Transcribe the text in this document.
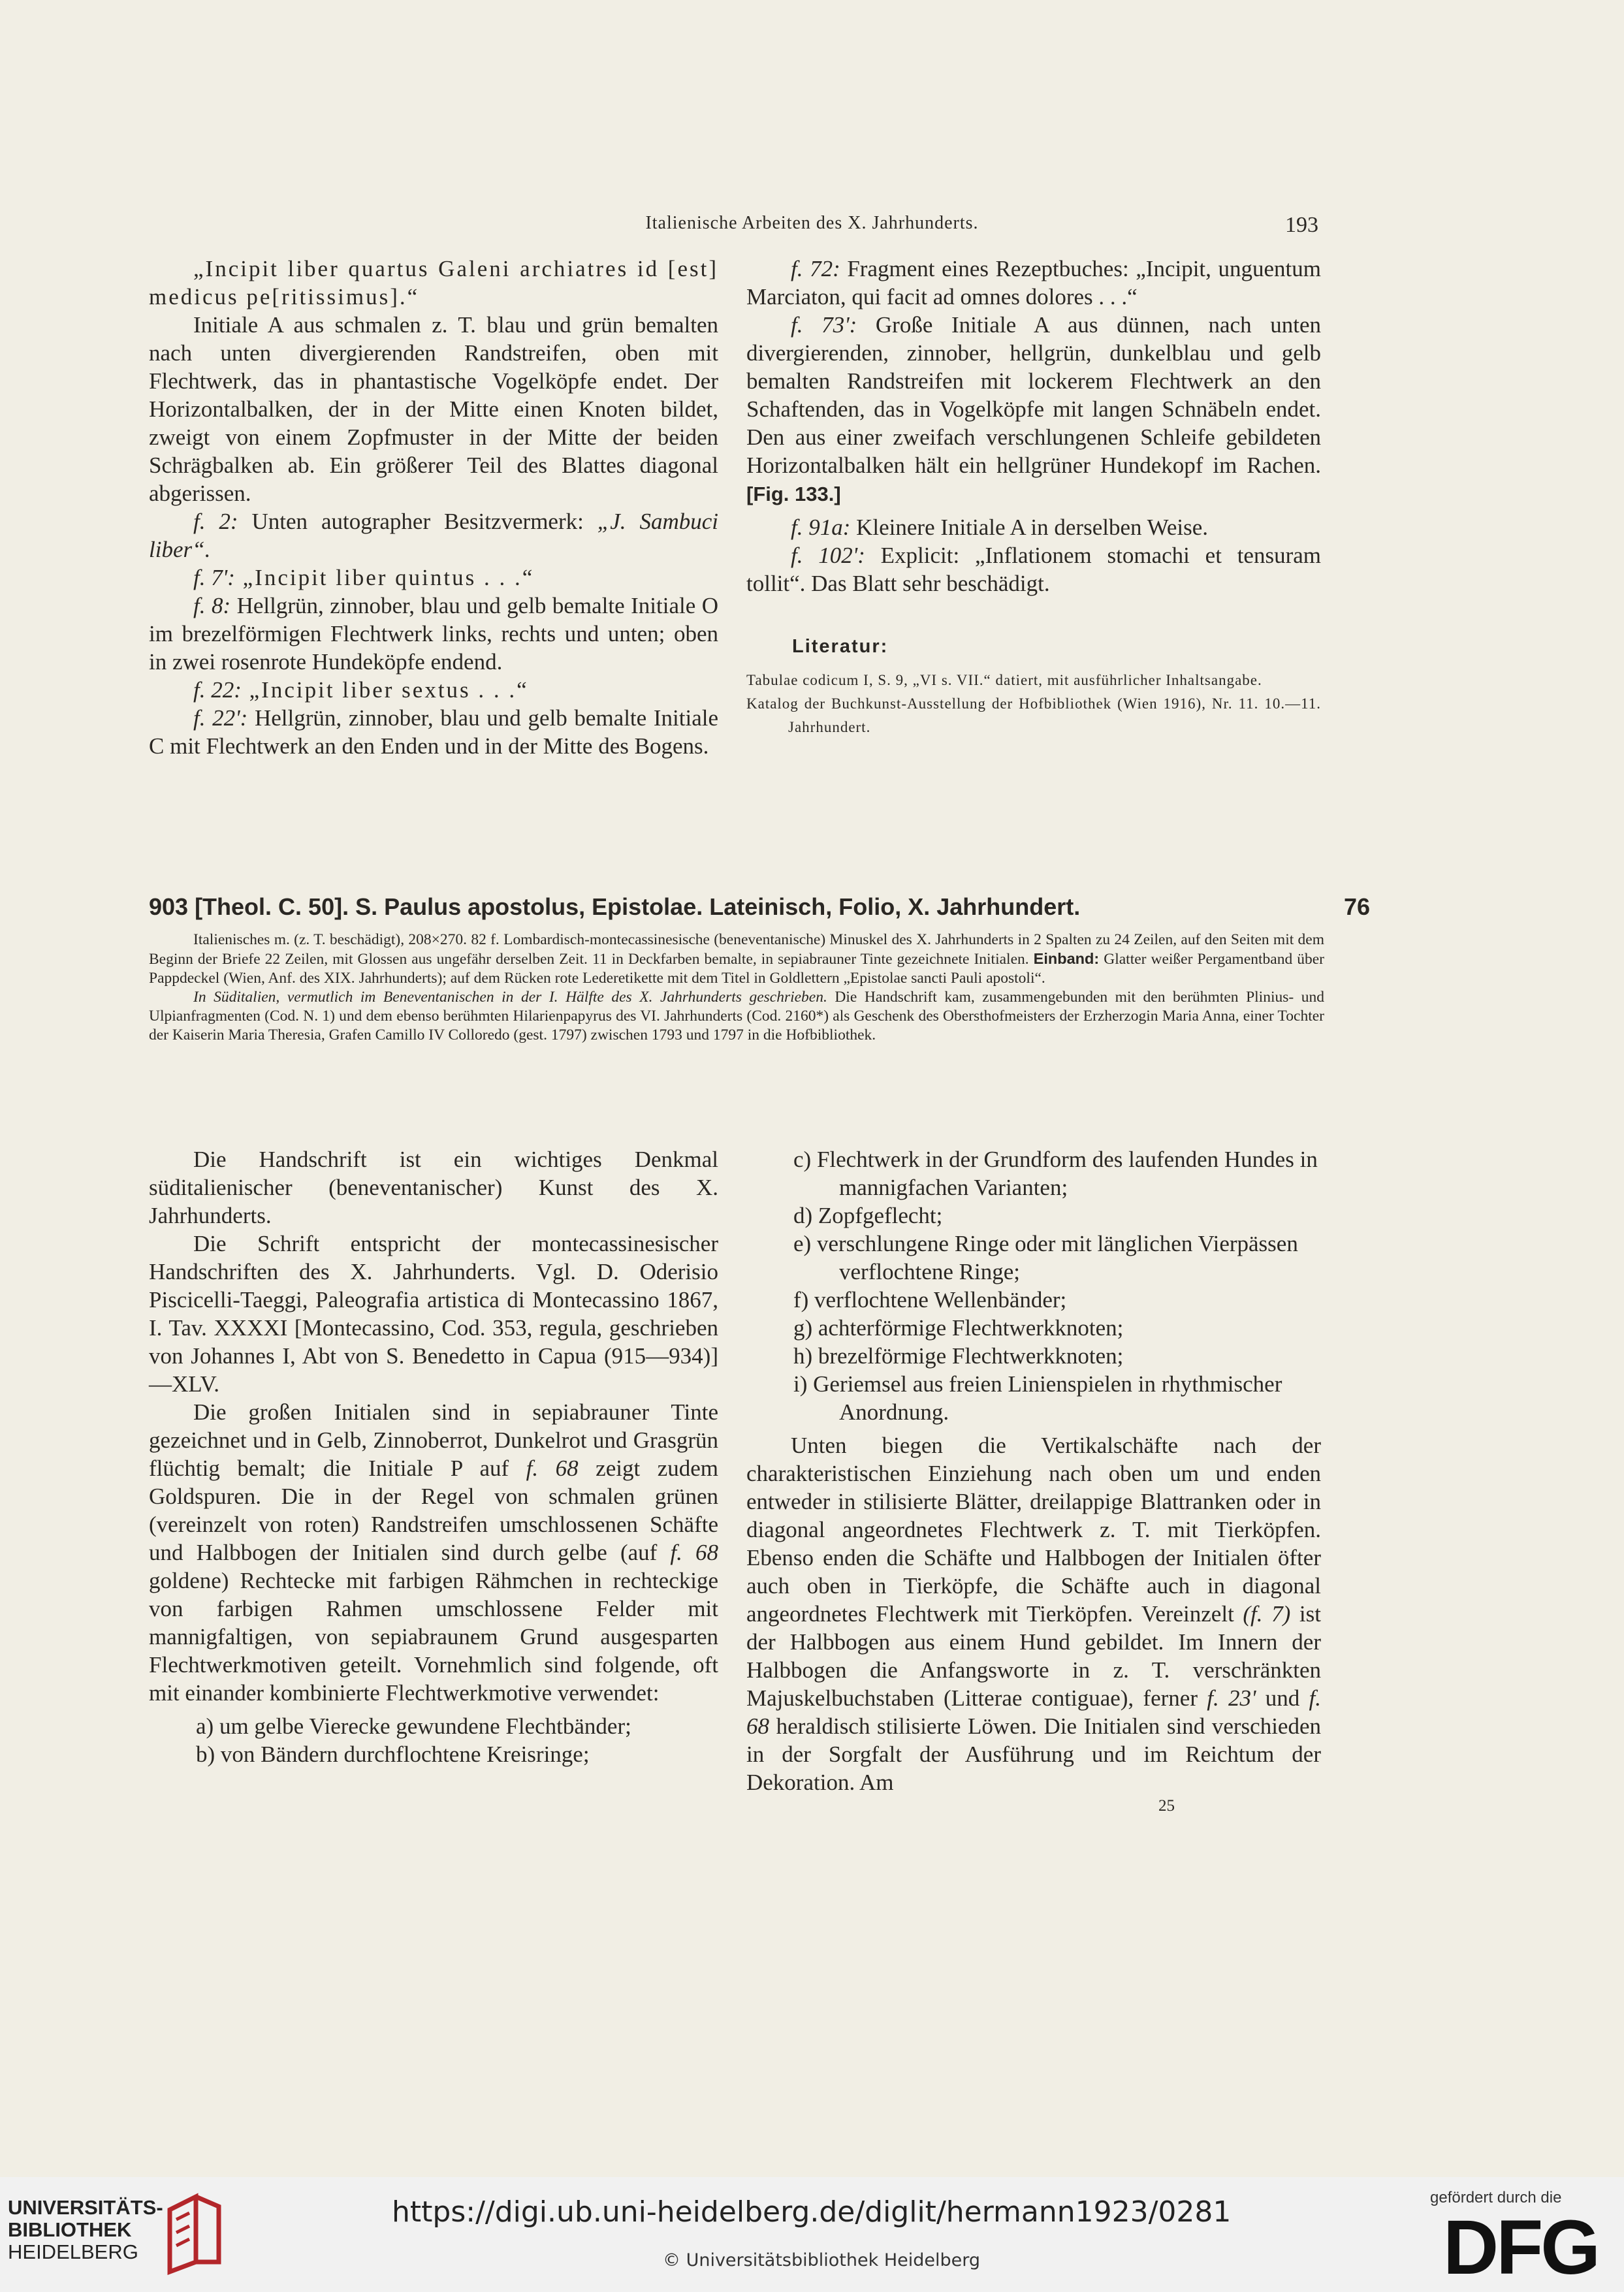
Italienische Arbeiten des X. Jahrhunderts.	193

„Incipit liber quartus Galeni archiatres id [est] medicus pe[ritissimus].“

Initiale A aus schmalen z. T. blau und grün bemalten nach unten divergierenden Randstreifen, oben mit Flechtwerk, das in phantastische Vogelköpfe endet. Der Horizontalbalken, der in der Mitte einen Knoten bildet, zweigt von einem Zopfmuster in der Mitte der beiden Schrägbalken ab. Ein größerer Teil des Blattes diagonal abgerissen.

f. 2: Unten autographer Besitzvermerk: „J. Sambuci liber“.

f. 7': „Incipit liber quintus . . .“

f. 8: Hellgrün, zinnober, blau und gelb bemalte Initiale O im brezelförmigen Flechtwerk links, rechts und unten; oben in zwei rosenrote Hundeköpfe endend.

f. 22: „Incipit liber sextus . . .“

f. 22': Hellgrün, zinnober, blau und gelb bemalte Initiale C mit Flechtwerk an den Enden und in der Mitte des Bogens.

f. 72: Fragment eines Rezeptbuches: „Incipit, unguentum Marciaton, qui facit ad omnes dolores . . .“

f. 73': Große Initiale A aus dünnen, nach unten divergierenden, zinnober, hellgrün, dunkelblau und gelb bemalten Randstreifen mit lockerem Flechtwerk an den Schaftenden, das in Vogelköpfe mit langen Schnäbeln endet. Den aus einer zweifach verschlungenen Schleife gebildeten Horizontalbalken hält ein hellgrüner Hundekopf im Rachen. [Fig. 133.]

f. 91a: Kleinere Initiale A in derselben Weise.

f. 102': Explicit: „Inflationem stomachi et tensuram tollit“. Das Blatt sehr beschädigt.

Literatur:

Tabulae codicum I, S. 9, „VI s. VII.“ datiert, mit ausführlicher Inhaltsangabe.

Katalog der Buchkunst-Ausstellung der Hofbibliothek (Wien 1916), Nr. 11. 10.—11. Jahrhundert.

903 [Theol. C. 50]. S. Paulus apostolus, Epistolae. Lateinisch, Folio, X. Jahrhundert.	76

Italienisches m. (z. T. beschädigt), 208×270. 82 f. Lombardisch-montecassinesische (beneventanische) Minuskel des X. Jahrhunderts in 2 Spalten zu 24 Zeilen, auf den Seiten mit dem Beginn der Briefe 22 Zeilen, mit Glossen aus ungefähr derselben Zeit. 11 in Deckfarben bemalte, in sepiabrauner Tinte gezeichnete Initialen. Einband: Glatter weißer Pergamentband über Pappdeckel (Wien, Anf. des XIX. Jahrhunderts); auf dem Rücken rote Lederetikette mit dem Titel in Goldlettern „Epistolae sancti Pauli apostoli“.

In Süditalien, vermutlich im Beneventanischen in der I. Hälfte des X. Jahrhunderts geschrieben. Die Handschrift kam, zusammengebunden mit den berühmten Plinius- und Ulpianfragmenten (Cod. N. 1) und dem ebenso berühmten Hilarienpapyrus des VI. Jahrhunderts (Cod. 2160*) als Geschenk des Obersthofmeisters der Erzherzogin Maria Anna, einer Tochter der Kaiserin Maria Theresia, Grafen Camillo IV Colloredo (gest. 1797) zwischen 1793 und 1797 in die Hofbibliothek.

Die Handschrift ist ein wichtiges Denkmal süditalienischer (beneventanischer) Kunst des X. Jahrhunderts.

Die Schrift entspricht der montecassinesischer Handschriften des X. Jahrhunderts. Vgl. D. Oderisio Piscicelli-Taeggi, Paleografia artistica di Montecassino 1867, I. Tav. XXXXI [Montecassino, Cod. 353, regula, geschrieben von Johannes I, Abt von S. Benedetto in Capua (915—934)] —XLV.

Die großen Initialen sind in sepiabrauner Tinte gezeichnet und in Gelb, Zinnoberrot, Dunkelrot und Grasgrün flüchtig bemalt; die Initiale P auf f. 68 zeigt zudem Goldspuren. Die in der Regel von schmalen grünen (vereinzelt von roten) Randstreifen umschlossenen Schäfte und Halbbogen der Initialen sind durch gelbe (auf f. 68 goldene) Rechtecke mit farbigen Rähmchen in rechteckige von farbigen Rahmen umschlossene Felder mit mannigfaltigen, von sepiabraunem Grund ausgesparten Flechtwerkmotiven geteilt. Vornehmlich sind folgende, oft mit einander kombinierte Flechtwerkmotive verwendet:

a) um gelbe Vierecke gewundene Flechtbänder;

b) von Bändern durchflochtene Kreisringe;

c) Flechtwerk in der Grundform des laufenden Hundes in mannigfachen Varianten;

d) Zopfgeflecht;

e) verschlungene Ringe oder mit länglichen Vierpässen verflochtene Ringe;

f) verflochtene Wellenbänder;

g) achterförmige Flechtwerkknoten;

h) brezelförmige Flechtwerkknoten;

i) Geriemsel aus freien Linienspielen in rhythmischer Anordnung.

Unten biegen die Vertikalschäfte nach der charakteristischen Einziehung nach oben um und enden entweder in stilisierte Blätter, dreilappige Blattranken oder in diagonal angeordnetes Flechtwerk z. T. mit Tierköpfen. Ebenso enden die Schäfte und Halbbogen der Initialen öfter auch oben in Tierköpfe, die Schäfte auch in diagonal angeordnetes Flechtwerk mit Tierköpfen. Vereinzelt (f. 7) ist der Halbbogen aus einem Hund gebildet. Im Innern der Halbbogen die Anfangsworte in z. T. verschränkten Majuskelbuchstaben (Litterae contiguae), ferner f. 23' und f. 68 heraldisch stilisierte Löwen. Die Initialen sind verschieden in der Sorgfalt der Ausführung und im Reichtum der Dekoration. Am

25
UNIVERSITÄTS-
BIBLIOTHEK
HEIDELBERG
https://digi.ub.uni-heidelberg.de/diglit/hermann1923/0281
© Universitätsbibliothek Heidelberg
gefördert durch die
DFG
